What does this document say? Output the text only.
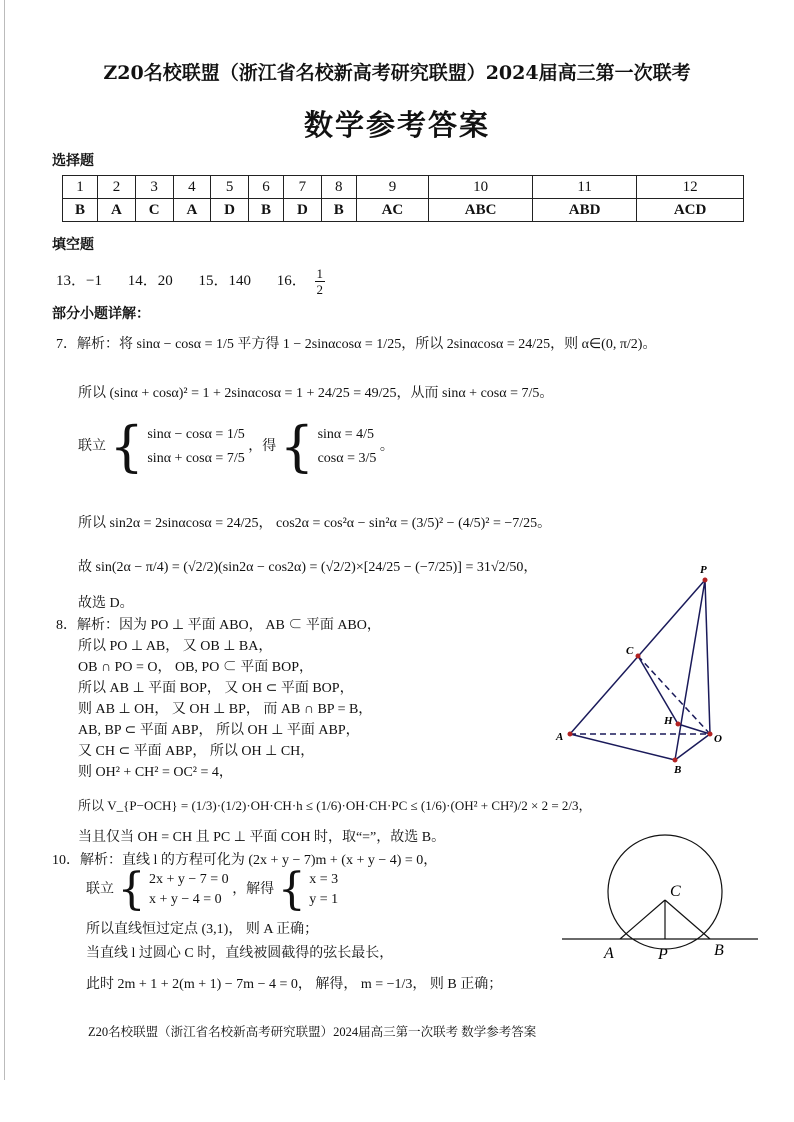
Z20名校联盟（浙江省名校新高考研究联盟）2024届高三第一次联考
数学参考答案
选择题
1	2	3	4	5	6	7	8	9	10	11	12
B	A	C	A	D	B	D	B	AC	ABC	ABD	ACD
填空题
13．−1 14．20 15．140 16． $\frac{1}{2}$
部分小题详解：
7．解析：将 sinα − cosα = 1/5 平方得 1 − 2sinαcosα = 1/25，所以 2sinαcosα = 24/25，则 α∈(0, π/2)。
所以 (sinα + cosα)² = 1 + 2sinαcosα = 1 + 24/25 = 49/25，从而 sinα + cosα = 7/5。
联立 { sinα − cosα = 1/5
sinα + cosα = 7/5
，得 { sinα = 4/5
cosα = 3/5
。
所以 sin2α = 2sinαcosα = 24/25， cos2α = cos²α − sin²α = (3/5)² − (4/5)² = −7/25。
故 sin(2α − π/4) = (√2/2)(sin2α − cos2α) = (√2/2)×[24/25 − (−7/25)] = 31√2/50，
故选 D。
8．解析：因为 PO ⊥ 平面 ABO， AB ⊂ 平面 ABO，
所以 PO ⊥ AB， 又 OB ⊥ BA，
OB ∩ PO = O， OB, PO ⊂ 平面 BOP，
所以 AB ⊥ 平面 BOP， 又 OH ⊂ 平面 BOP，
则 AB ⊥ OH， 又 OH ⊥ BP， 而 AB ∩ BP = B，
AB, BP ⊂ 平面 ABP， 所以 OH ⊥ 平面 ABP，
又 CH ⊂ 平面 ABP， 所以 OH ⊥ CH，
则 OH² + CH² = OC² = 4，
所以 V_{P−OCH} = (1/3)·(1/2)·OH·CH·h ≤ (1/6)·OH·CH·PC ≤ (1/6)·(OH² + CH²)/2 × 2 = 2/3，
当且仅当 OH = CH 且 PC ⊥ 平面 COH 时，取“=”，故选 B。
10．解析：直线 l 的方程可化为 (2x + y − 7)m + (x + y − 4) = 0，
联立 { 2x + y − 7 = 0
x + y − 4 = 0
，解得 { x = 3
y = 1
所以直线恒过定点 (3,1)， 则 A 正确；
当直线 l 过圆心 C 时，直线被圆截得的弦长最长，
此时 2m + 1 + 2(m + 1) − 7m − 4 = 0， 解得， m = −1/3， 则 B 正确；
P
C
H
A	O
B
C
A	P	B
Z20名校联盟（浙江省名校新高考研究联盟）2024届高三第一次联考 数学参考答案
